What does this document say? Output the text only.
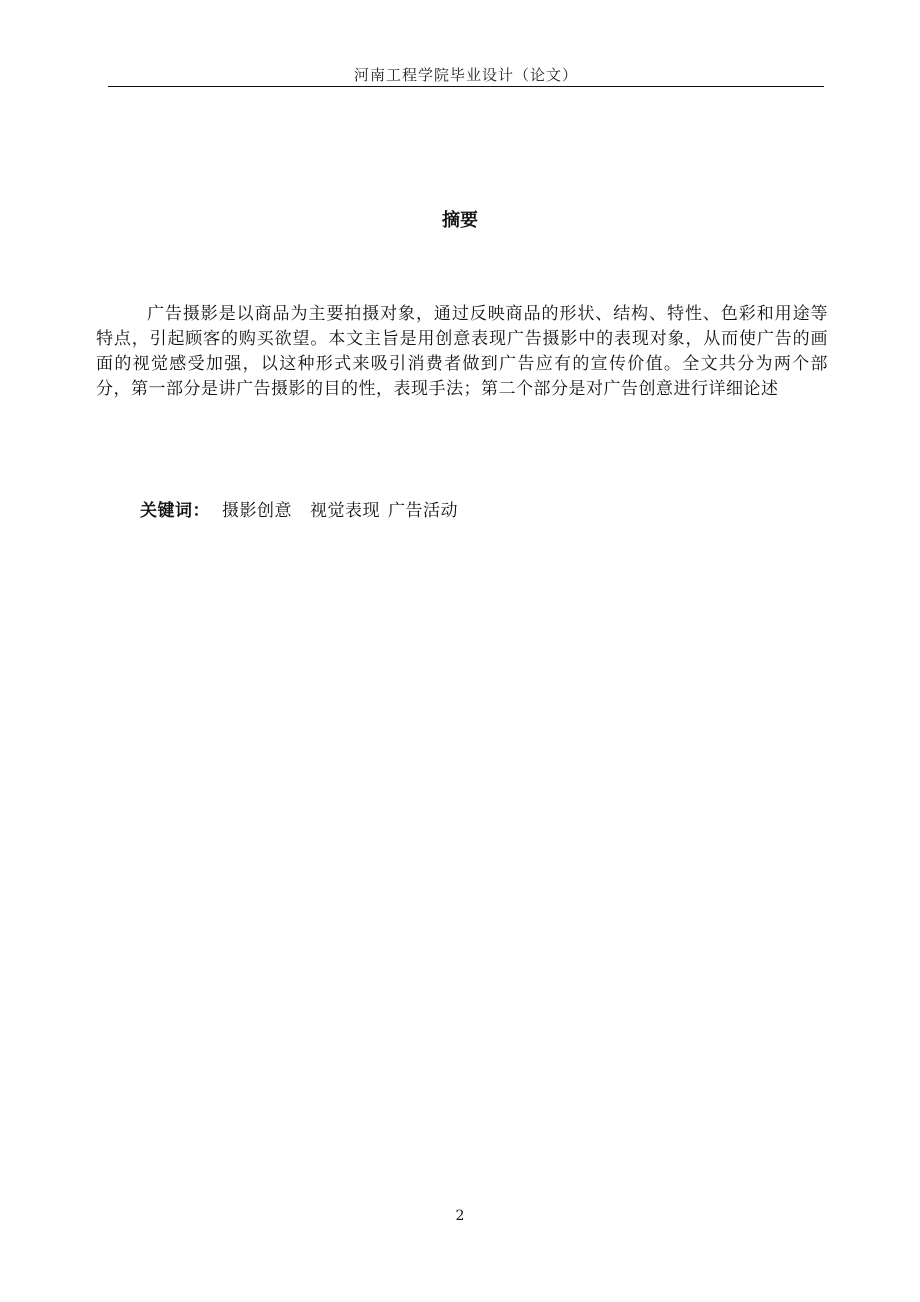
河南工程学院毕业设计（论文）
摘要
广告摄影是以商品为主要拍摄对象，通过反映商品的形状、结构、特性、色彩和用途等特点，引起顾客的购买欲望。本文主旨是用创意表现广告摄影中的表现对象，从而使广告的画面的视觉感受加强，以这种形式来吸引消费者做到广告应有的宣传价值。全文共分为两个部分，第一部分是讲广告摄影的目的性，表现手法；第二个部分是对广告创意进行详细论述
关键词： 摄影创意 视觉表现 广告活动
2
